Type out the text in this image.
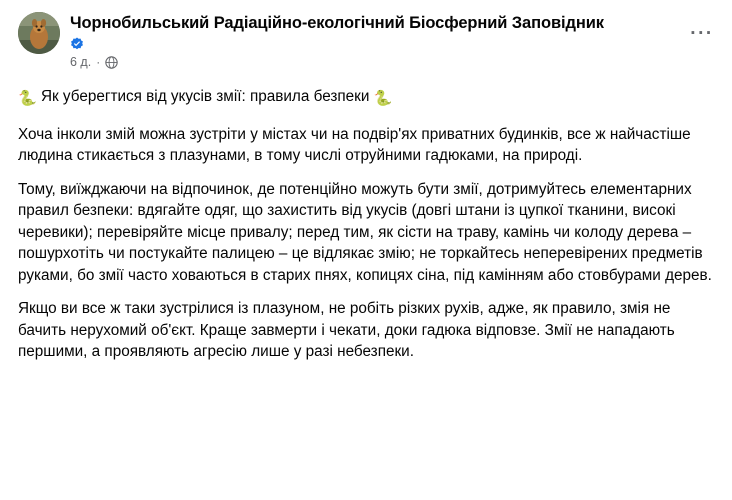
Чорнобильський Радіаційно-екологічний Біосферний Заповідник
6 д. ·
···

🐍 Як уберегтися від укусів змії: правила безпеки 🐍

Хоча інколи змій можна зустріти у містах чи на подвір'ях приватних будинків, все ж найчастіше людина стикається з плазунами, в тому числі отруйними гадюками, на природі.

Тому, виїжджаючи на відпочинок, де потенційно можуть бути змії, дотримуйтесь елементарних правил безпеки: вдягайте одяг, що захистить від укусів (довгі штани із цупкої тканини, високі черевики); перевіряйте місце привалу; перед тим, як сісти на траву, камінь чи колоду дерева – пошурхотіть чи постукайте палицею – це відлякає змію; не торкайтесь неперевірених предметів руками, бо змії часто ховаються в старих пнях, копицях сіна, під камінням або стовбурами дерев.

Якщо ви все ж таки зустрілися із плазуном, не робіть різких рухів, адже, як правило, змія не бачить нерухомий об'єкт. Краще завмерти і чекати, доки гадюка відповзе. Змії не нападають першими, а проявляють агресію лише у разі небезпеки.
